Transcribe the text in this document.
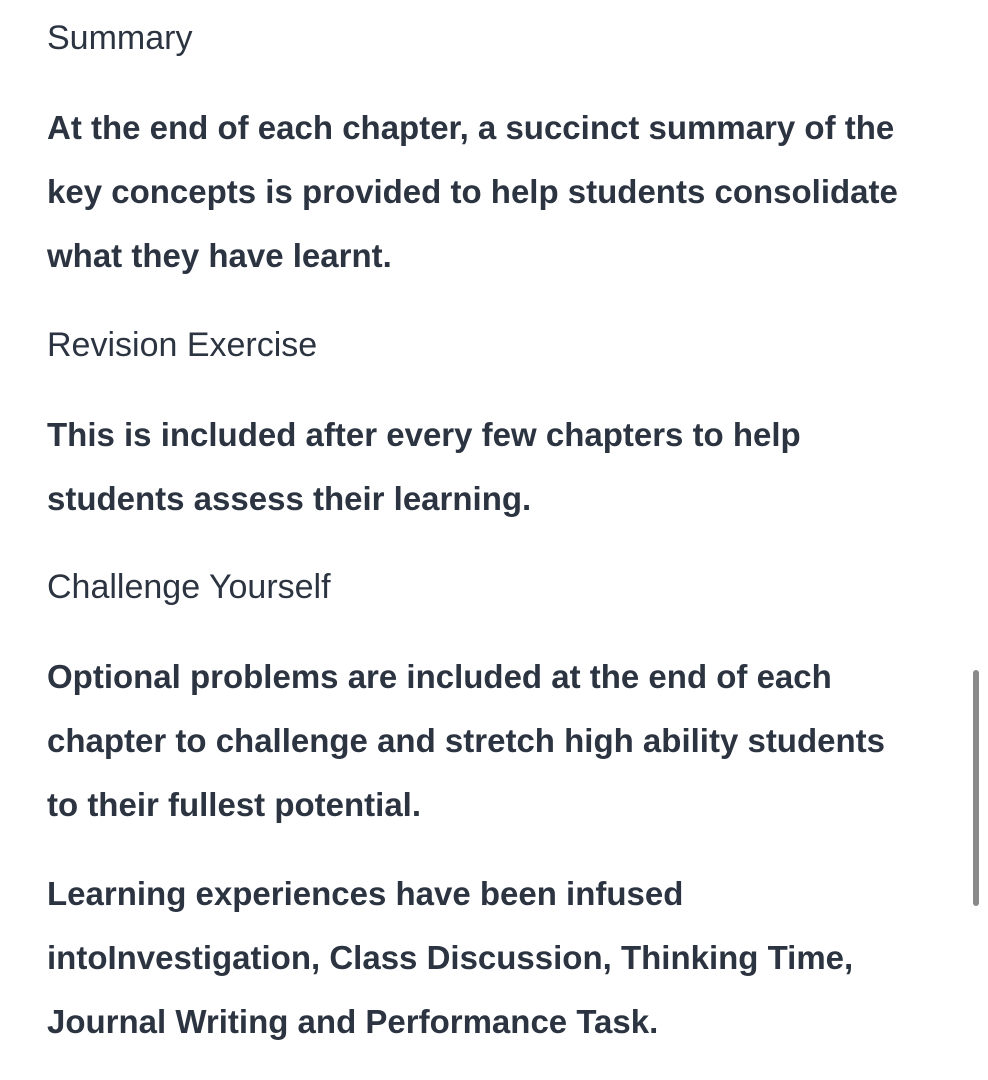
Summary

At the end of each chapter, a succinct summary of the
key concepts is provided to help students consolidate
what they have learnt.

Revision Exercise

This is included after every few chapters to help
students assess their learning.

Challenge Yourself

Optional problems are included at the end of each
chapter to challenge and stretch high ability students
to their fullest potential.

Learning experiences have been infused
intoInvestigation, Class Discussion, Thinking Time,
Journal Writing and Performance Task.
